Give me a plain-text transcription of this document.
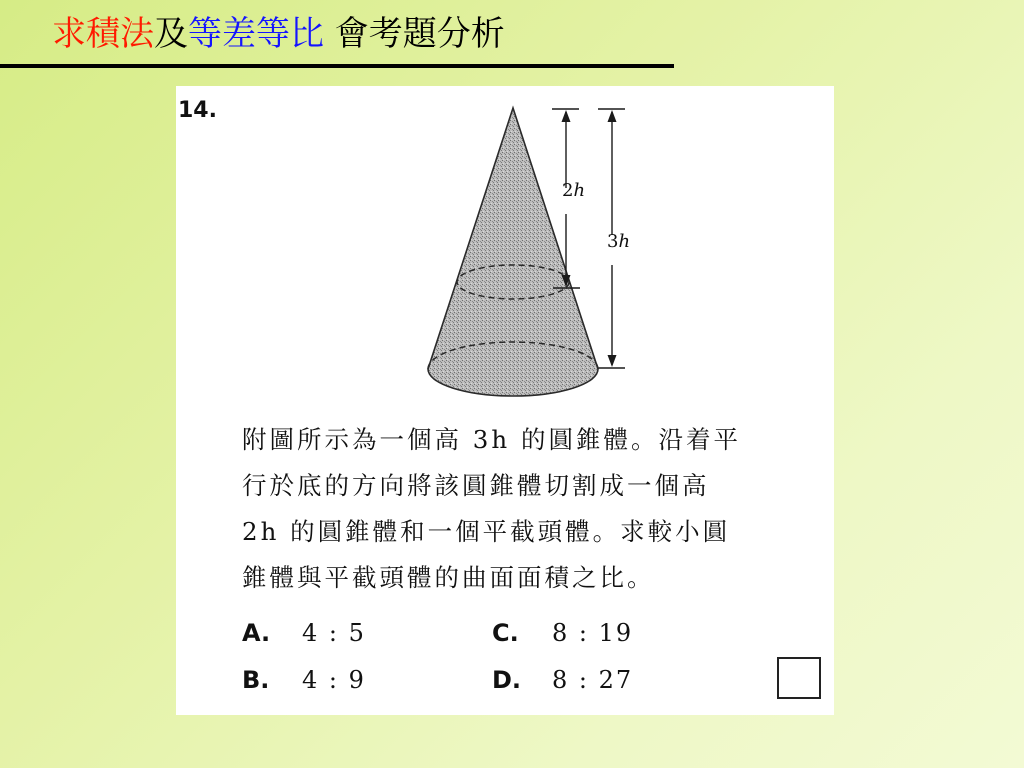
求積法及等差等比 會考題分析
14.
2h
3h
附圖所示為一個高 3h 的圓錐體。沿着平
行於底的方向將該圓錐體切割成一個高
2h 的圓錐體和一個平截頭體。求較小圓
錐體與平截頭體的曲面面積之比。
A. 4 : 5
B. 4 : 9
C. 8 : 19
D. 8 : 27
